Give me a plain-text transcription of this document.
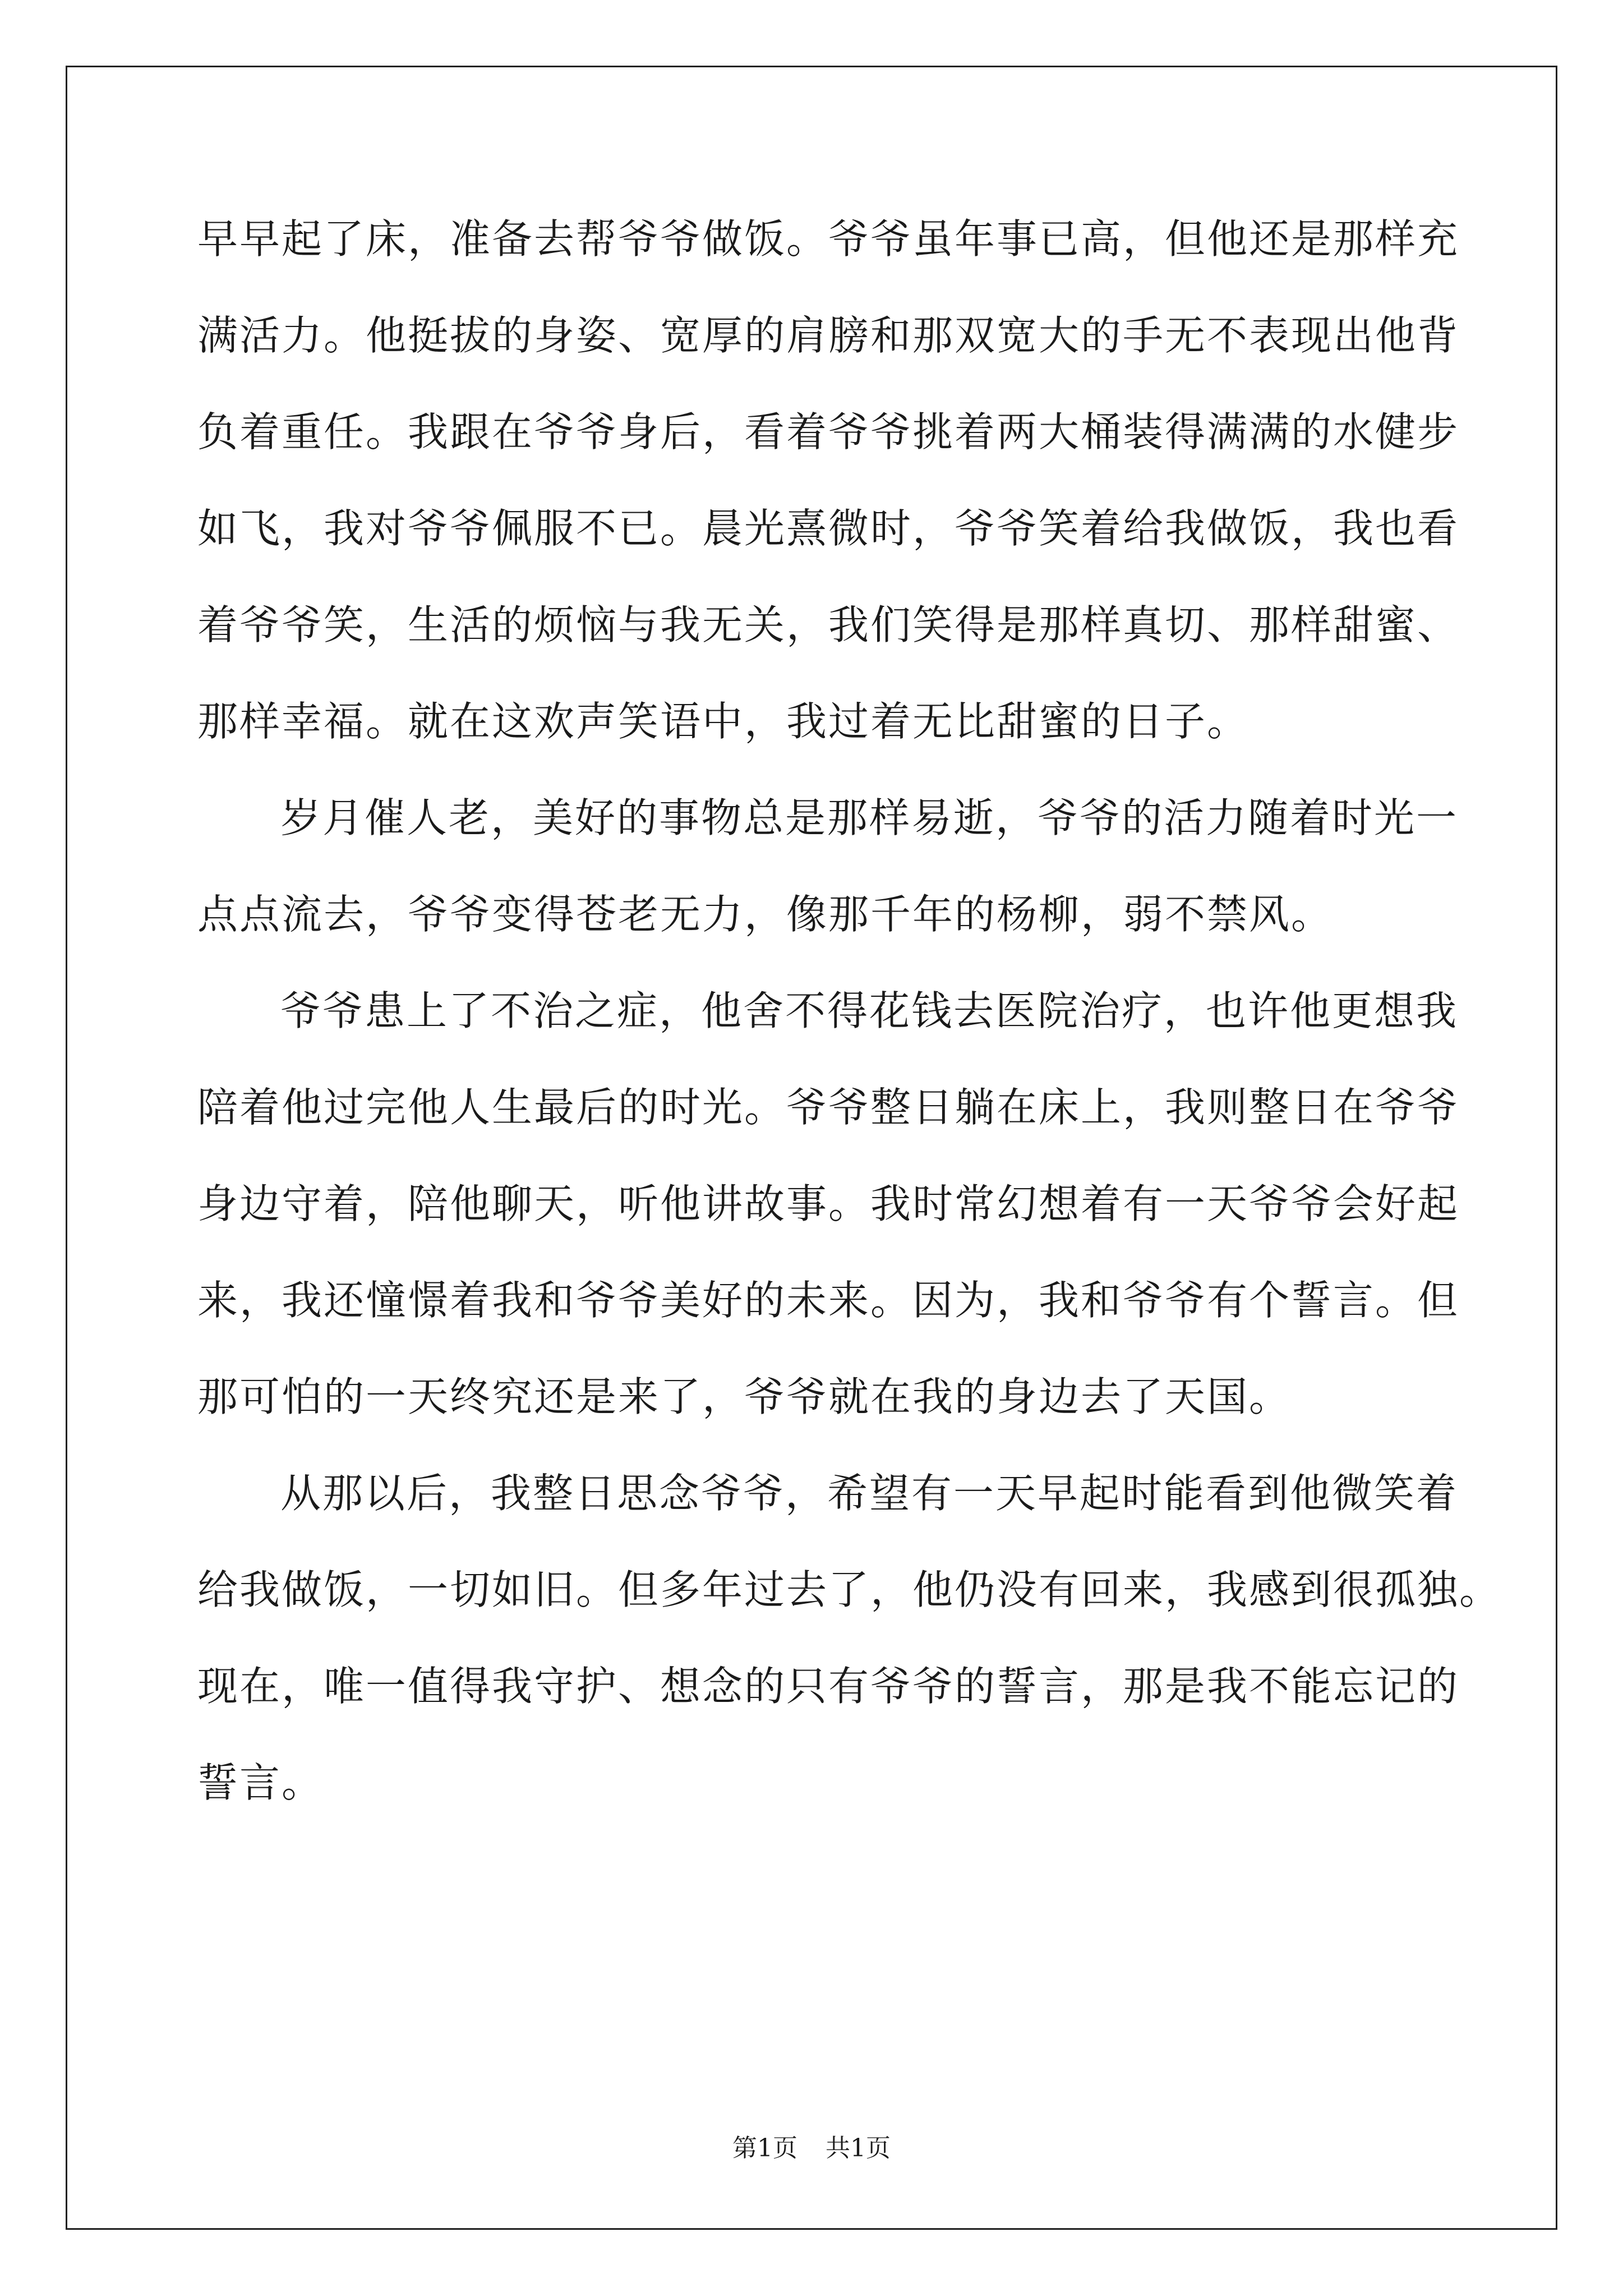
早早起了床，准备去帮爷爷做饭。爷爷虽年事已高，但他还是那样充
满活力。他挺拔的身姿、宽厚的肩膀和那双宽大的手无不表现出他背
负着重任。我跟在爷爷身后，看着爷爷挑着两大桶装得满满的水健步
如飞，我对爷爷佩服不已。晨光熹微时，爷爷笑着给我做饭，我也看
着爷爷笑，生活的烦恼与我无关，我们笑得是那样真切、那样甜蜜、
那样幸福。就在这欢声笑语中，我过着无比甜蜜的日子。
岁月催人老，美好的事物总是那样易逝，爷爷的活力随着时光一
点点流去，爷爷变得苍老无力，像那千年的杨柳，弱不禁风。
爷爷患上了不治之症，他舍不得花钱去医院治疗，也许他更想我
陪着他过完他人生最后的时光。爷爷整日躺在床上，我则整日在爷爷
身边守着，陪他聊天，听他讲故事。我时常幻想着有一天爷爷会好起
来，我还憧憬着我和爷爷美好的未来。因为，我和爷爷有个誓言。但
那可怕的一天终究还是来了，爷爷就在我的身边去了天国。
从那以后，我整日思念爷爷，希望有一天早起时能看到他微笑着
给我做饭，一切如旧。但多年过去了，他仍没有回来，我感到很孤独。
现在，唯一值得我守护、想念的只有爷爷的誓言，那是我不能忘记的
誓言。
第1页 共1页
